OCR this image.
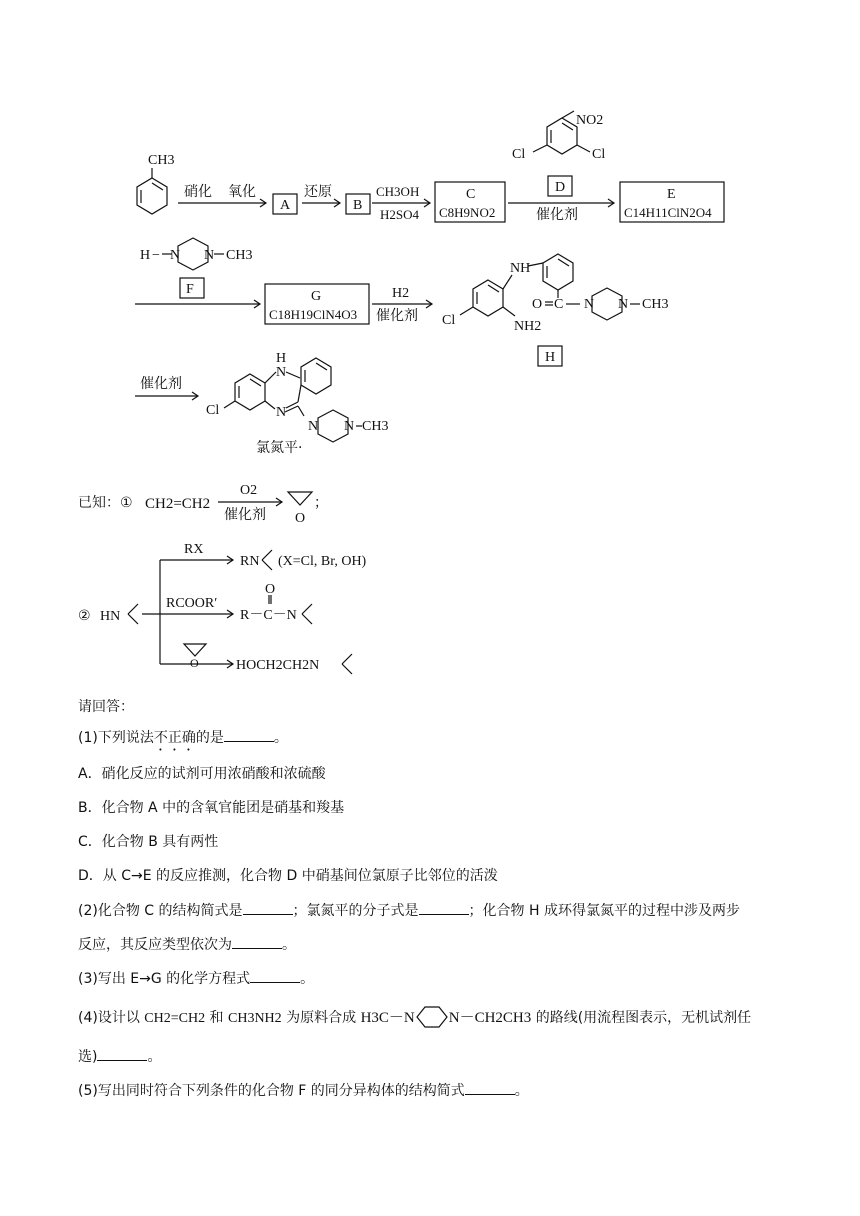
CH3
硝化 氧化
A
还原
B
CH3OH
H2SO4
C
C8H9NO2
NO2
Cl	Cl
D
催化剂
E
C14H11ClN2O4
H − N N CH3
F	G
C18H19ClN4O3
H2
催化剂
NH
O C N N CH3
Cl	NH2
H
催化剂
H
N
N
N N CH3
Cl
氯氮平·
已知：① CH2=CH2
O2
催化剂 O
；
② HN
RX
RN (X=Cl, Br, OH)
RCOOR′
O
R－C－N
O	HOCH2CH2N
请回答：
(1)下列说法不正确的是	。
A．硝化反应的试剂可用浓硝酸和浓硫酸
B．化合物 A 中的含氧官能团是硝基和羧基
C．化合物 B 具有两性
D．从 C→E 的反应推测，化合物 D 中硝基间位氯原子比邻位的活泼
(2)化合物 C 的结构简式是	；氯氮平的分子式是	；化合物 H 成环得氯氮平的过程中涉及两步
反应，其反应类型依次为	。
(3)写出 E→G 的化学方程式	。
(4)设计以 CH2=CH2 和 CH3NH2 为原料合成 H3C－N N－CH2CH3 的路线(用流程图表示，无机试剂任
选)	。
(5)写出同时符合下列条件的化合物 F 的同分异构体的结构简式	。
